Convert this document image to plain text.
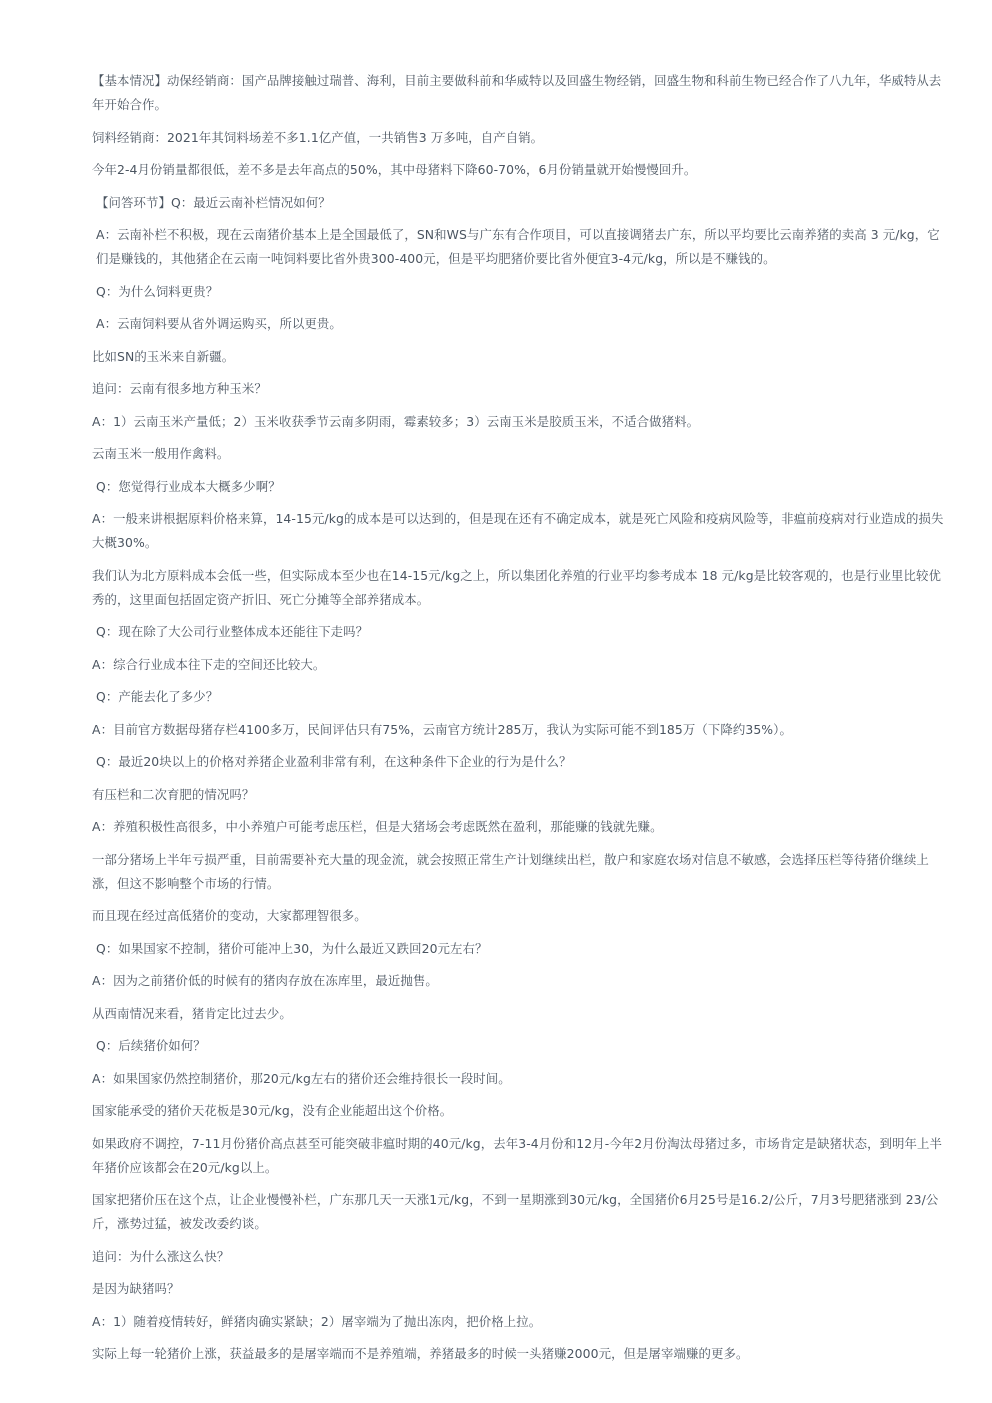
【基本情况】动保经销商：国产品牌接触过瑞普、海利，目前主要做科前和华威特以及回盛生物经销，回盛生物和科前生物已经合作了八九年，华威特从去年开始合作。

饲料经销商：2021年其饲料场差不多1.1亿产值，一共销售3 万多吨，自产自销。

今年2-4月份销量都很低，差不多是去年高点的50%，其中母猪料下降60-70%，6月份销量就开始慢慢回升。

【问答环节】Q：最近云南补栏情况如何？

A：云南补栏不积极，现在云南猪价基本上是全国最低了，SN和WS与广东有合作项目，可以直接调猪去广东，所以平均要比云南养猪的卖高 3 元/kg，它们是赚钱的，其他猪企在云南一吨饲料要比省外贵300-400元，但是平均肥猪价要比省外便宜3-4元/kg，所以是不赚钱的。

Q：为什么饲料更贵？

A：云南饲料要从省外调运购买，所以更贵。

比如SN的玉米来自新疆。

追问：云南有很多地方种玉米？

A：1）云南玉米产量低；2）玉米收获季节云南多阴雨，霉素较多；3）云南玉米是胶质玉米，不适合做猪料。

云南玉米一般用作禽料。

Q：您觉得行业成本大概多少啊？

A：一般来讲根据原料价格来算，14-15元/kg的成本是可以达到的，但是现在还有不确定成本，就是死亡风险和疫病风险等，非瘟前疫病对行业造成的损失大概30%。

我们认为北方原料成本会低一些，但实际成本至少也在14-15元/kg之上，所以集团化养殖的行业平均参考成本 18 元/kg是比较客观的，也是行业里比较优秀的，这里面包括固定资产折旧、死亡分摊等全部养猪成本。

Q：现在除了大公司行业整体成本还能往下走吗？

A：综合行业成本往下走的空间还比较大。

Q：产能去化了多少？

A：目前官方数据母猪存栏4100多万，民间评估只有75%，云南官方统计285万，我认为实际可能不到185万（下降约35%）。

Q：最近20块以上的价格对养猪企业盈利非常有利，在这种条件下企业的行为是什么？

有压栏和二次育肥的情况吗？

A：养殖积极性高很多，中小养殖户可能考虑压栏，但是大猪场会考虑既然在盈利，那能赚的钱就先赚。

一部分猪场上半年亏损严重，目前需要补充大量的现金流，就会按照正常生产计划继续出栏，散户和家庭农场对信息不敏感，会选择压栏等待猪价继续上涨，但这不影响整个市场的行情。

而且现在经过高低猪价的变动，大家都理智很多。

Q：如果国家不控制，猪价可能冲上30，为什么最近又跌回20元左右？

A：因为之前猪价低的时候有的猪肉存放在冻库里，最近抛售。

从西南情况来看，猪肯定比过去少。

Q：后续猪价如何？

A：如果国家仍然控制猪价，那20元/kg左右的猪价还会维持很长一段时间。

国家能承受的猪价天花板是30元/kg，没有企业能超出这个价格。

如果政府不调控，7-11月份猪价高点甚至可能突破非瘟时期的40元/kg，去年3-4月份和12月-今年2月份淘汰母猪过多，市场肯定是缺猪状态，到明年上半年猪价应该都会在20元/kg以上。

国家把猪价压在这个点，让企业慢慢补栏，广东那几天一天涨1元/kg，不到一星期涨到30元/kg，全国猪价6月25号是16.2/公斤，7月3号肥猪涨到 23/公斤，涨势过猛，被发改委约谈。

追问：为什么涨这么快？

是因为缺猪吗？

A：1）随着疫情转好，鲜猪肉确实紧缺；2）屠宰端为了抛出冻肉，把价格上拉。

实际上每一轮猪价上涨，获益最多的是屠宰端而不是养殖端，养猪最多的时候一头猪赚2000元，但是屠宰端赚的更多。
